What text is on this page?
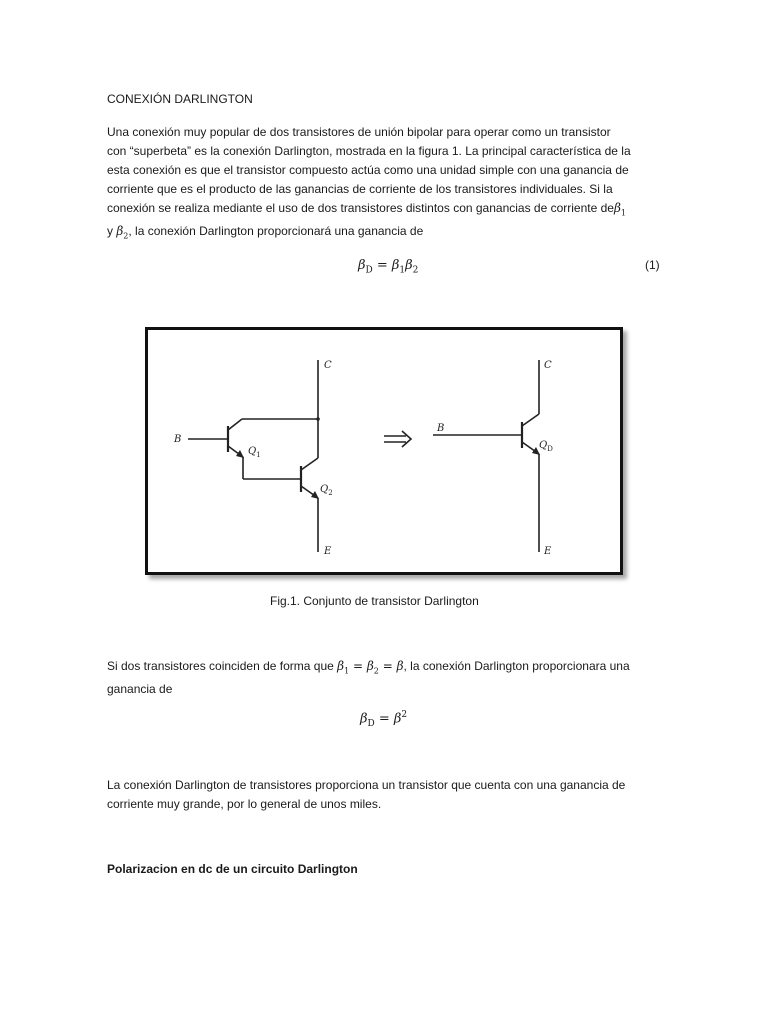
CONEXIÓN DARLINGTON
Una conexión muy popular de dos transistores de unión bipolar para operar como un transistor
con “superbeta” es la conexión Darlington, mostrada en la figura 1. La principal característica de la
esta conexión es que el transistor compuesto actúa como una unidad simple con una ganancia de
corriente que es el producto de las ganancias de corriente de los transistores individuales. Si la
conexión se realiza mediante el uso de dos transistores distintos con ganancias de corriente deβ$_1$
y $\beta_2$, la conexión Darlington proporcionará una ganancia de
$\beta_D = \beta_1\beta_2$	(1)
B
C
$Q_1$
$Q_2$
E
B
C
$Q_D$
E
Fig.1. Conjunto de transistor Darlington
Si dos transistores coinciden de forma que $\beta_1 = \beta_2 = \beta$, la conexión Darlington proporcionara una
ganancia de
$\beta_D = \beta^2$
La conexión Darlington de transistores proporciona un transistor que cuenta con una ganancia de
corriente muy grande, por lo general de unos miles.
Polarizacion en dc de un circuito Darlington
